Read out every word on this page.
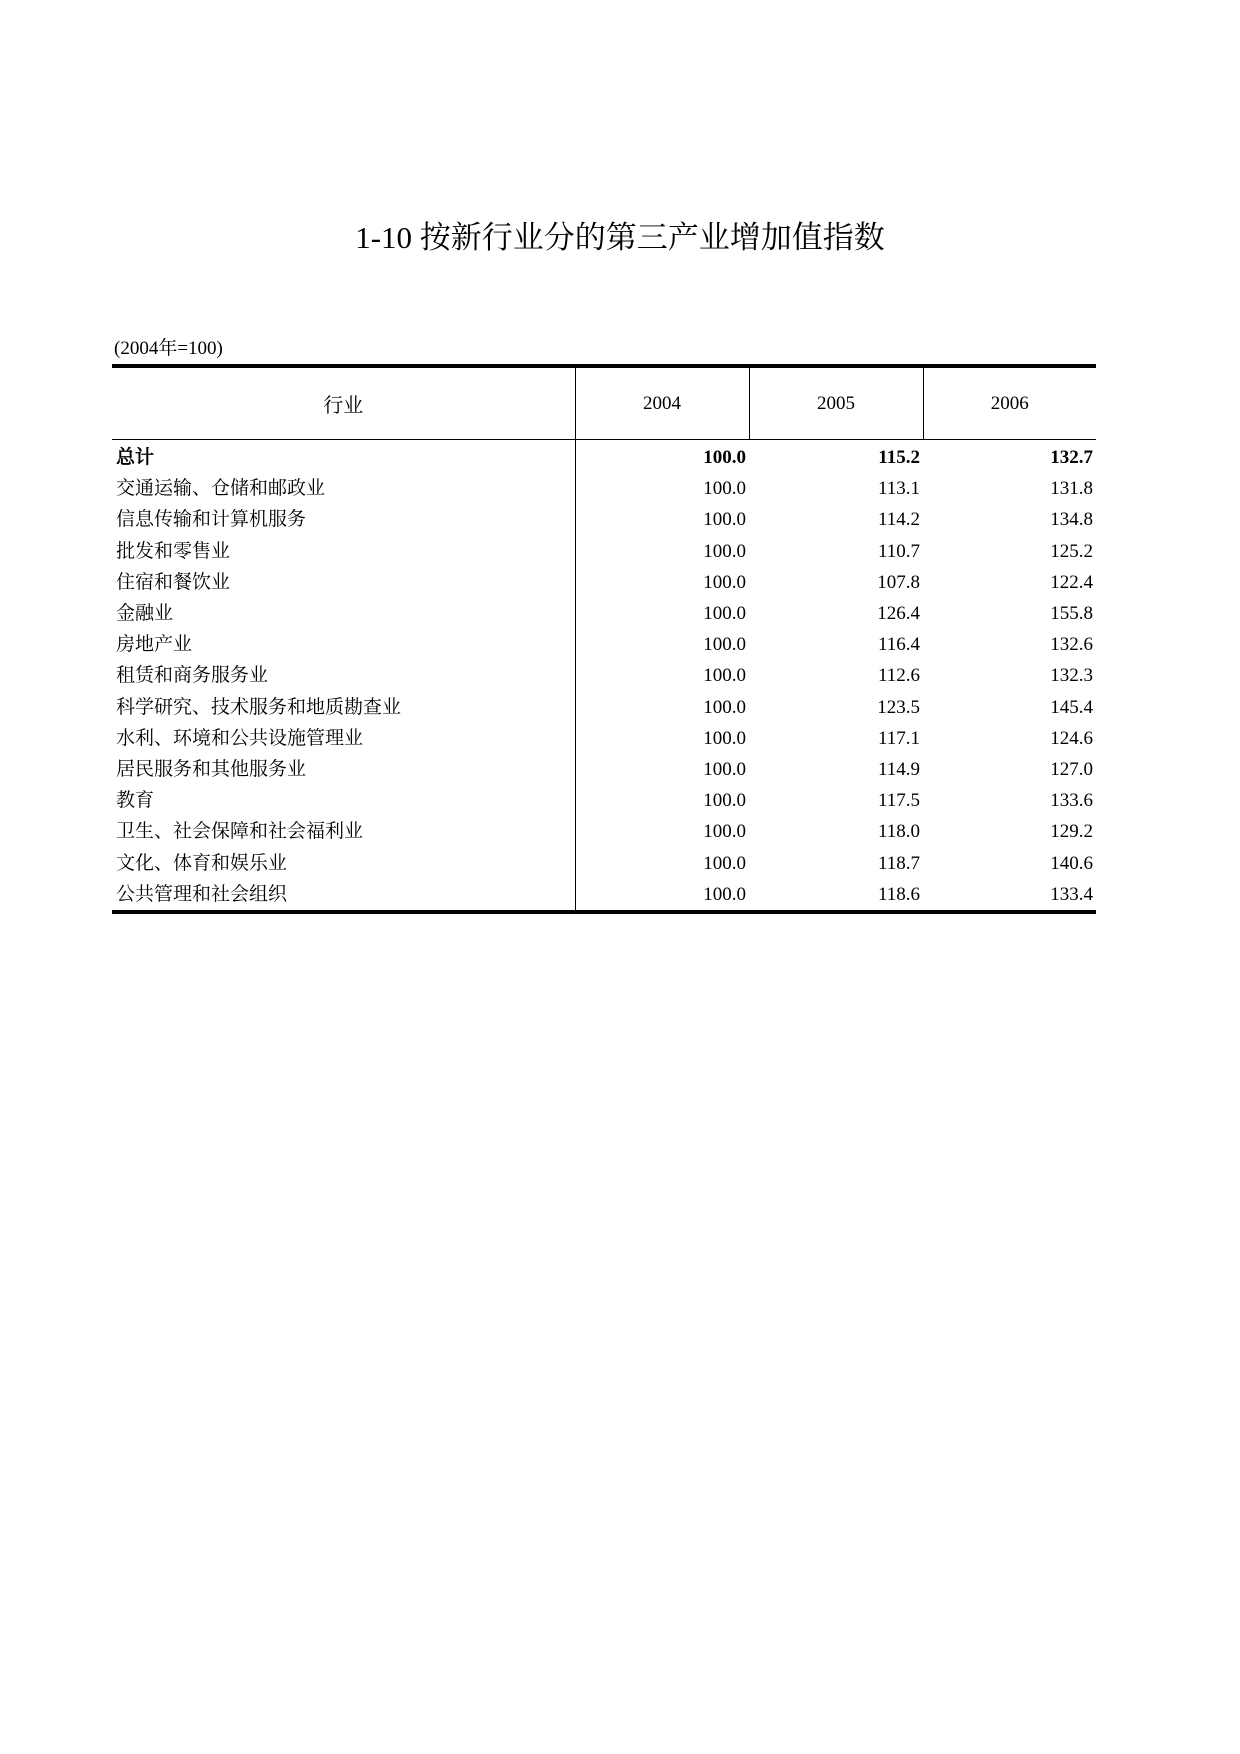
1-10 按新行业分的第三产业增加值指数
(2004年=100)
行业	2004	2005	2006
总计	100.0	115.2	132.7
交通运输、仓储和邮政业	100.0	113.1	131.8
信息传输和计算机服务	100.0	114.2	134.8
批发和零售业	100.0	110.7	125.2
住宿和餐饮业	100.0	107.8	122.4
金融业	100.0	126.4	155.8
房地产业	100.0	116.4	132.6
租赁和商务服务业	100.0	112.6	132.3
科学研究、技术服务和地质勘查业	100.0	123.5	145.4
水利、环境和公共设施管理业	100.0	117.1	124.6
居民服务和其他服务业	100.0	114.9	127.0
教育	100.0	117.5	133.6
卫生、社会保障和社会福利业	100.0	118.0	129.2
文化、体育和娱乐业	100.0	118.7	140.6
公共管理和社会组织	100.0	118.6	133.4
